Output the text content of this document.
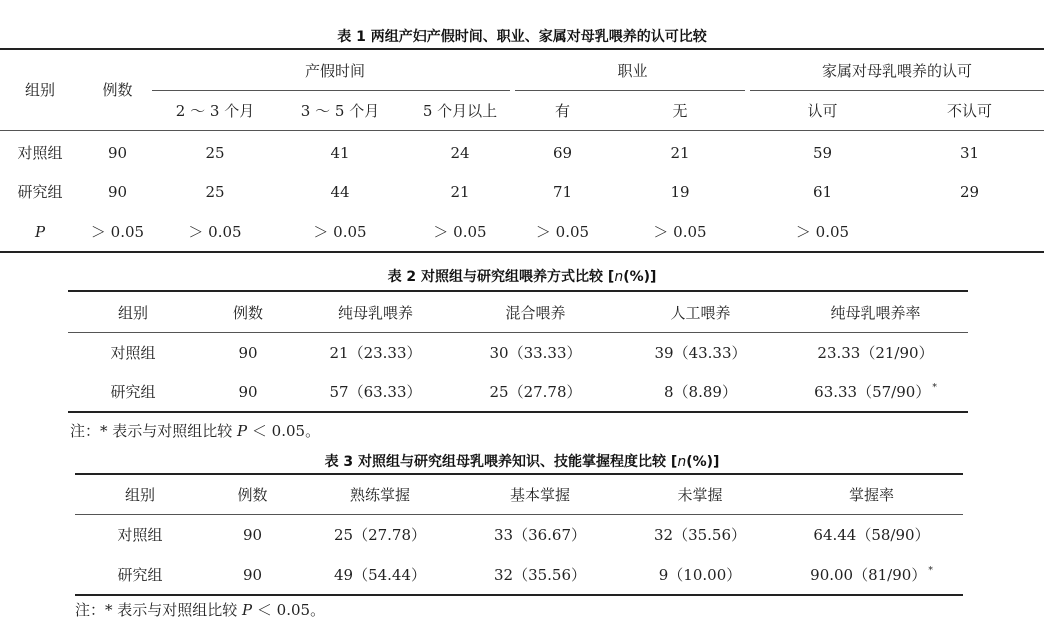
表 1 两组产妇产假时间、职业、家属对母乳喂养的认可比较
组别	例数
产假时间	职业	家属对母乳喂养的认可
2 ～ 3 个月	3 ～ 5 个月	5 个月以上	有	无	认可	不认可
对照组	90	25	41	24	69	21	59	31
研究组	90	25	44	21	71	19	61	29
P	＞ 0.05	＞ 0.05	＞ 0.05	＞ 0.05	＞ 0.05	＞ 0.05	＞ 0.05
表 2 对照组与研究组喂养方式比较 [n(%)]
组别	例数	纯母乳喂养	混合喂养	人工喂养	纯母乳喂养率
对照组	90	21（23.33）	30（33.33）	39（43.33）	23.33（21/90）
研究组	90	57（63.33）	25（27.78）	8（8.89）	63.33（57/90） *
注：* 表示与对照组比较 P ＜ 0.05。
表 3 对照组与研究组母乳喂养知识、技能掌握程度比较 [n(%)]
组别	例数	熟练掌握	基本掌握	未掌握	掌握率
对照组	90	25（27.78）	33（36.67）	32（35.56）	64.44（58/90）
研究组	90	49（54.44）	32（35.56）	9（10.00）	90.00（81/90） *
注：* 表示与对照组比较 P ＜ 0.05。
